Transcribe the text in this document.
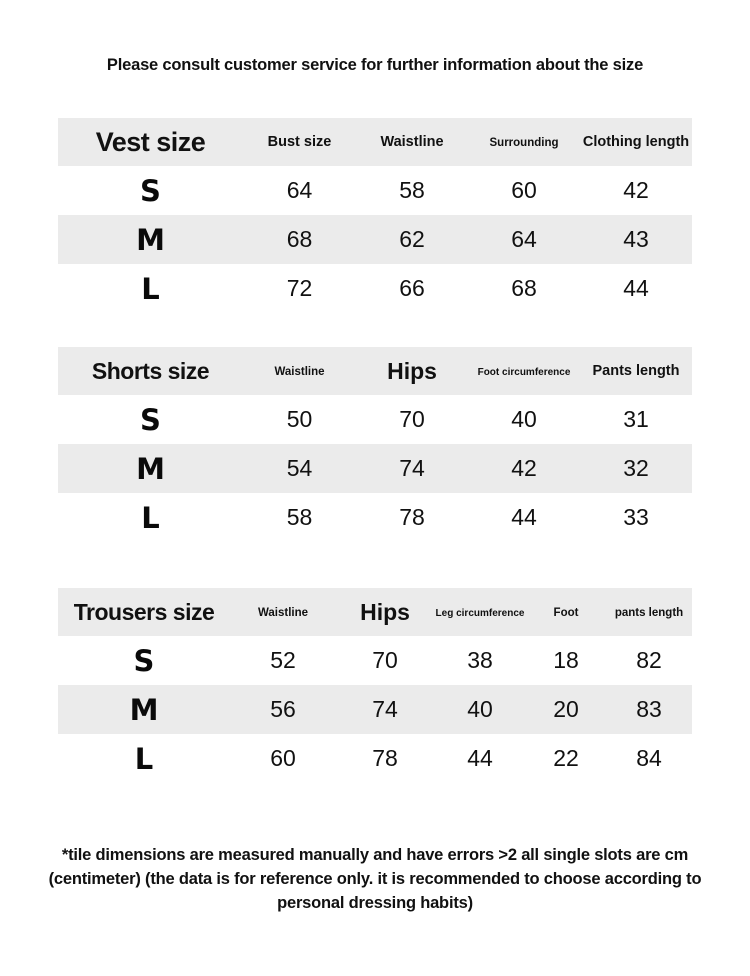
Please consult customer service for further information about the size
Vest size	Bust size	Waistline	Surrounding	Clothing length
S	64	58	60	42
M	68	62	64	43
L	72	66	68	44
Shorts size	Waistline	Hips	Foot circumference	Pants length
S	50	70	40	31
M	54	74	42	32
L	58	78	44	33
Trousers size	Waistline	Hips	Leg circumference	Foot	pants length
S	52	70	38	18	82
M	56	74	40	20	83
L	60	78	44	22	84
*tile dimensions are measured manually and have errors >2 all single slots are cm (centimeter) (the data is for reference only. it is recommended to choose according to personal dressing habits)
